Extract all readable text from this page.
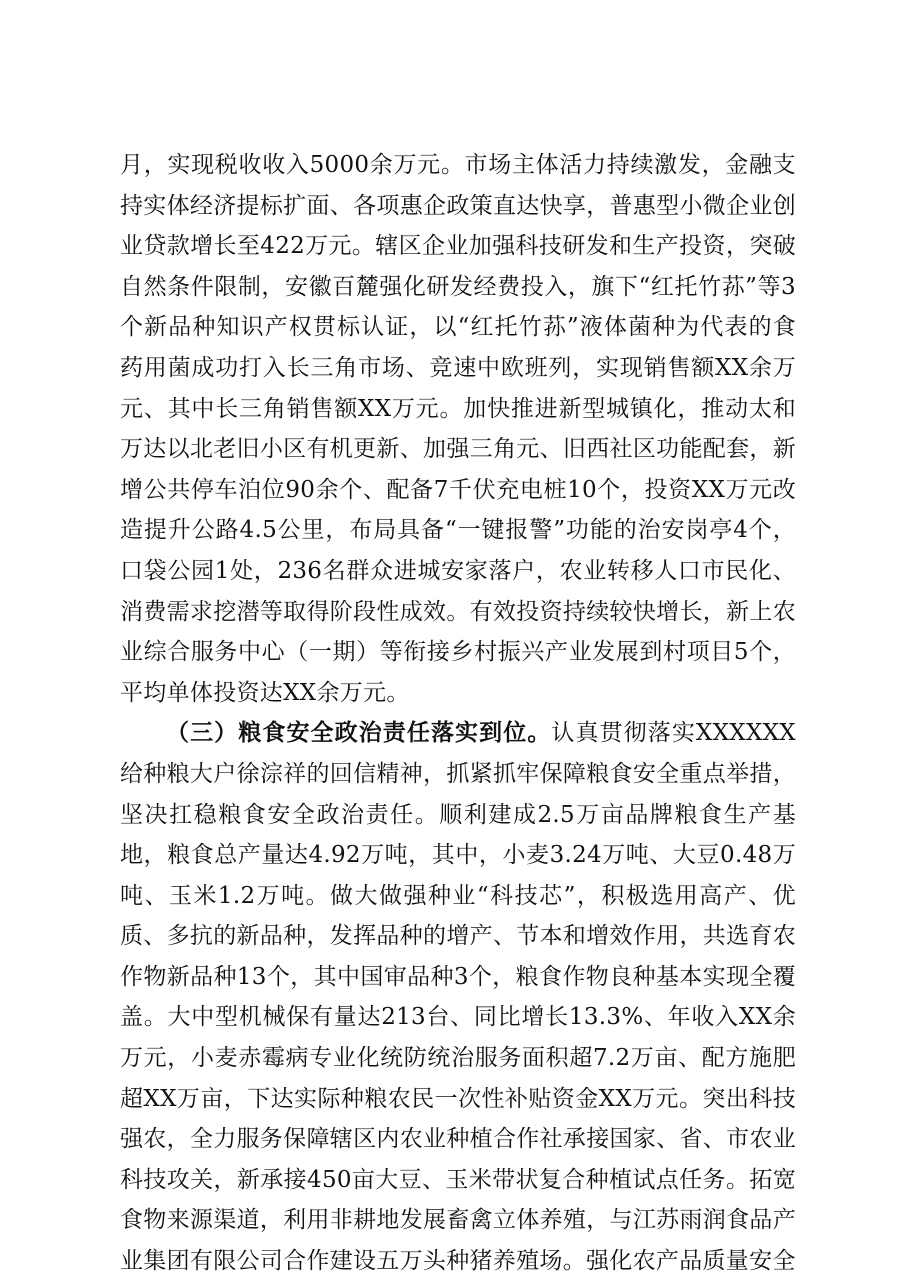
月，实现税收收入5000余万元。市场主体活力持续激发，金融支持实体经济提标扩面、各项惠企政策直达快享，普惠型小微企业创业贷款增长至422万元。辖区企业加强科技研发和生产投资，突破自然条件限制，安徽百麓强化研发经费投入，旗下“红托竹荪”等3个新品种知识产权贯标认证，以“红托竹荪”液体菌种为代表的食药用菌成功打入长三角市场、竞速中欧班列，实现销售额XX余万元、其中长三角销售额XX万元。加快推进新型城镇化，推动太和万达以北老旧小区有机更新、加强三角元、旧西社区功能配套，新增公共停车泊位90余个、配备7千伏充电桩10个，投资XX万元改造提升公路4.5公里，布局具备“一键报警”功能的治安岗亭4个，口袋公园1处，236名群众进城安家落户，农业转移人口市民化、消费需求挖潜等取得阶段性成效。有效投资持续较快增长，新上农业综合服务中心（一期）等衔接乡村振兴产业发展到村项目5个，平均单体投资达XX余万元。

（三）粮食安全政治责任落实到位。认真贯彻落实XXXXXX给种粮大户徐淙祥的回信精神，抓紧抓牢保障粮食安全重点举措，坚决扛稳粮食安全政治责任。顺利建成2.5万亩品牌粮食生产基地，粮食总产量达4.92万吨，其中，小麦3.24万吨、大豆0.48万吨、玉米1.2万吨。做大做强种业“科技芯”，积极选用高产、优质、多抗的新品种，发挥品种的增产、节本和增效作用，共选育农作物新品种13个，其中国审品种3个，粮食作物良种基本实现全覆盖。大中型机械保有量达213台、同比增长13.3%、年收入XX余万元，小麦赤霉病专业化统防统治服务面积超7.2万亩、配方施肥超XX万亩，下达实际种粮农民一次性补贴资金XX万元。突出科技强农，全力服务保障辖区内农业种植合作社承接国家、省、市农业科技攻关，新承接450亩大豆、玉米带状复合种植试点任务。拓宽食物来源渠道，利用非耕地发展畜禽立体养殖，与江苏雨润食品产业集团有限公司合作建设五万头种猪养殖场。强化农产品质量安全
